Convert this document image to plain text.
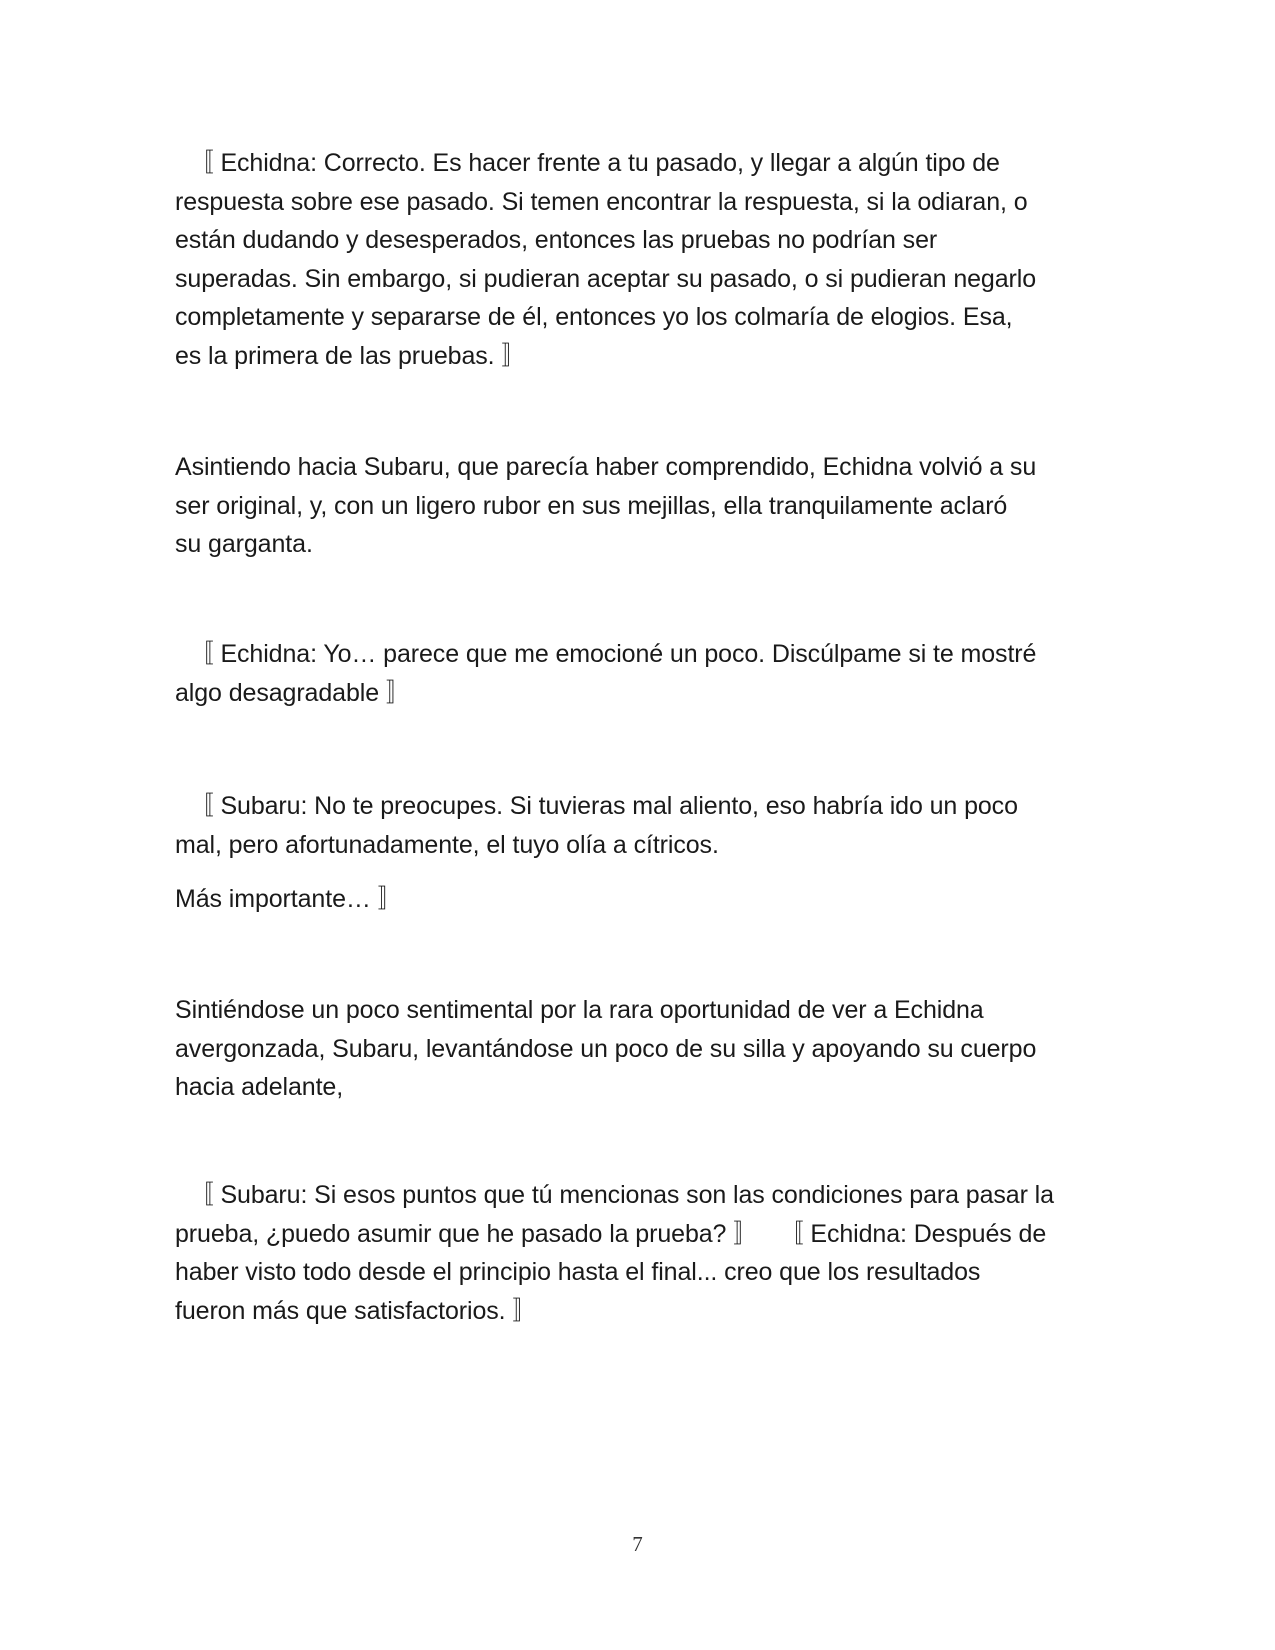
〚 Echidna: Correcto. Es hacer frente a tu pasado, y llegar a algún tipo de
respuesta sobre ese pasado. Si temen encontrar la respuesta, si la odiaran, o
están dudando y desesperados, entonces las pruebas no podrían ser
superadas. Sin embargo, si pudieran aceptar su pasado, o si pudieran negarlo
completamente y separarse de él, entonces yo los colmaría de elogios. Esa,
es la primera de las pruebas. 〛
Asintiendo hacia Subaru, que parecía haber comprendido, Echidna volvió a su
ser original, y, con un ligero rubor en sus mejillas, ella tranquilamente aclaró
su garganta.
〚 Echidna: Yo… parece que me emocioné un poco. Discúlpame si te mostré
algo desagradable 〛
〚 Subaru: No te preocupes. Si tuvieras mal aliento, eso habría ido un poco
mal, pero afortunadamente, el tuyo olía a cítricos.
Más importante… 〛
Sintiéndose un poco sentimental por la rara oportunidad de ver a Echidna
avergonzada, Subaru, levantándose un poco de su silla y apoyando su cuerpo
hacia adelante,
〚 Subaru: Si esos puntos que tú mencionas son las condiciones para pasar la
prueba, ¿puedo asumir que he pasado la prueba? 〛   〚 Echidna: Después de
haber visto todo desde el principio hasta el final... creo que los resultados
fueron más que satisfactorios. 〛
7
